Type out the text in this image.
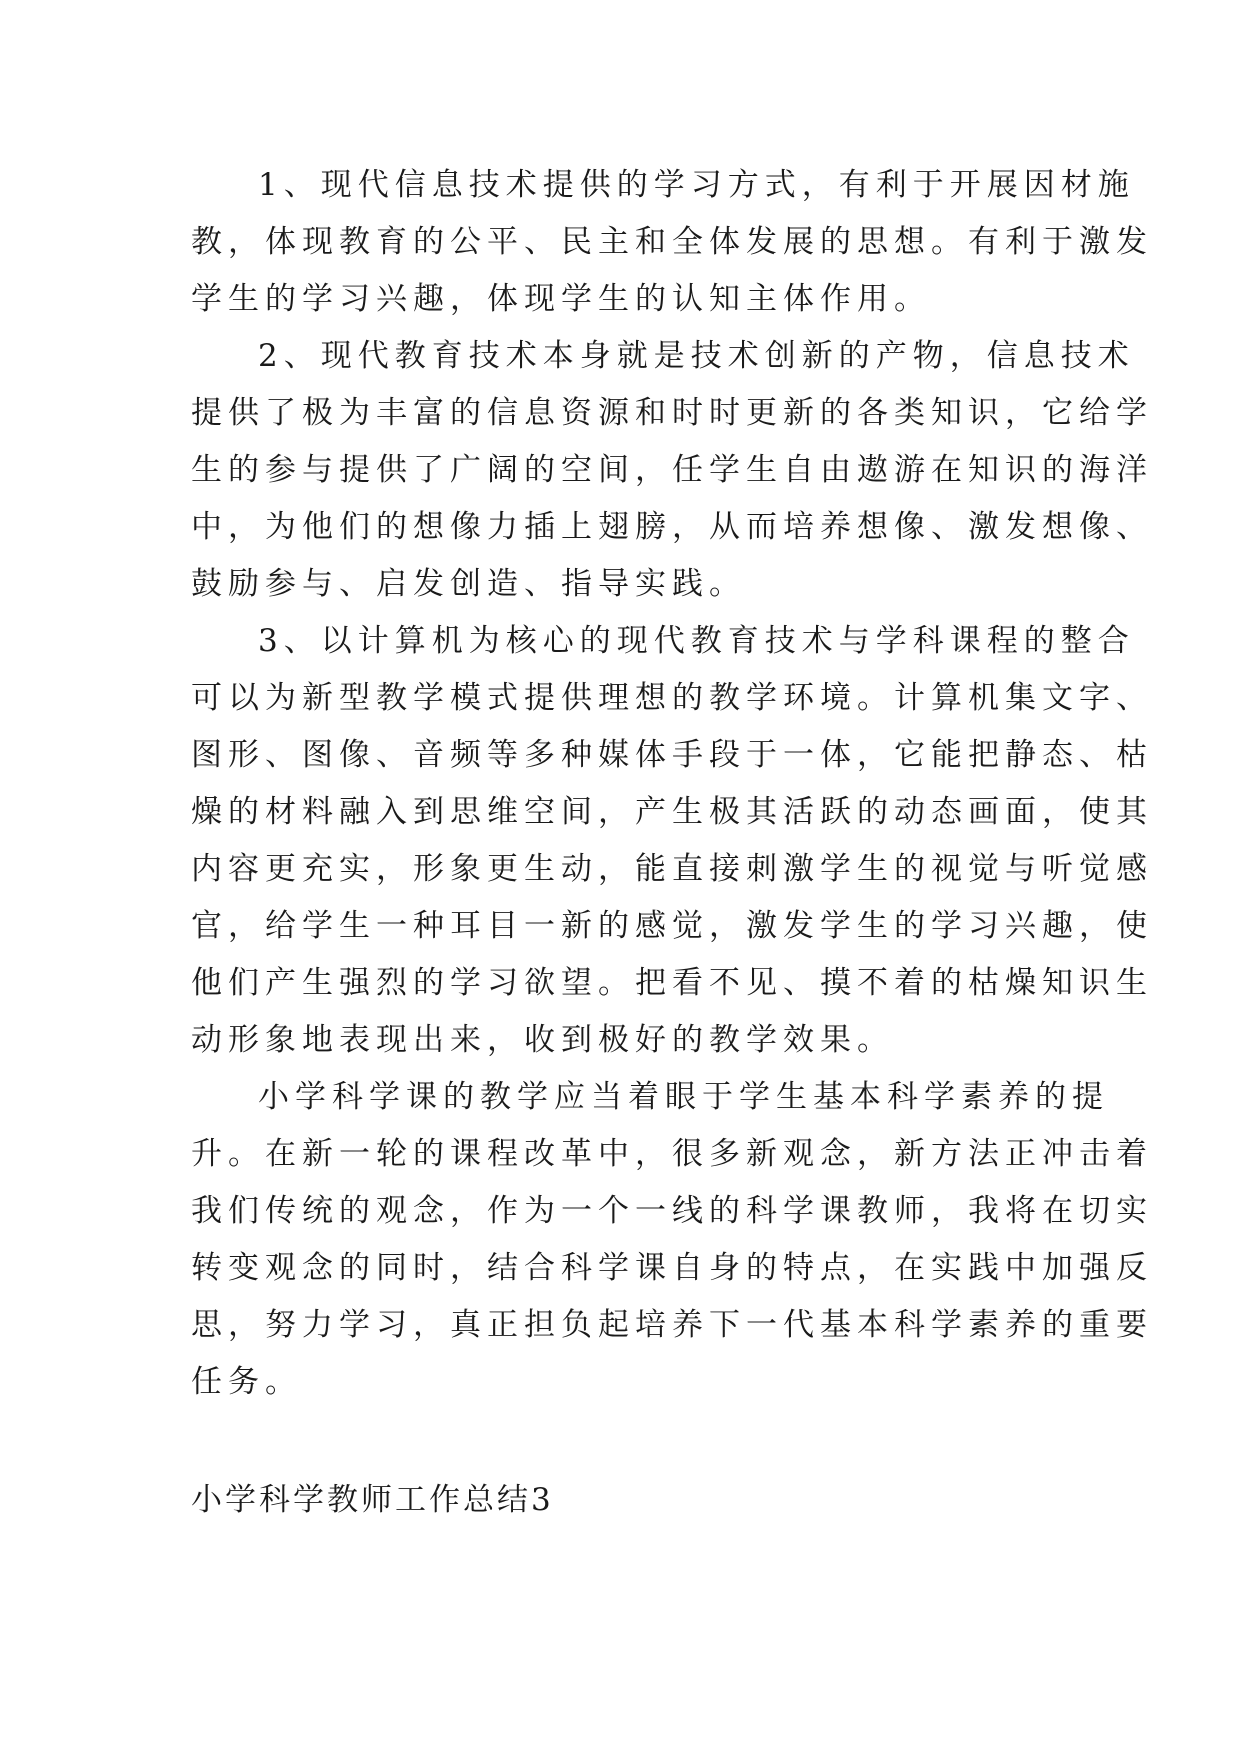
1、现代信息技术提供的学习方式，有利于开展因材施
教，体现教育的公平、民主和全体发展的思想。有利于激发
学生的学习兴趣，体现学生的认知主体作用。
2、现代教育技术本身就是技术创新的产物，信息技术
提供了极为丰富的信息资源和时时更新的各类知识，它给学
生的参与提供了广阔的空间，任学生自由遨游在知识的海洋
中，为他们的想像力插上翅膀，从而培养想像、激发想像、
鼓励参与、启发创造、指导实践。
3、以计算机为核心的现代教育技术与学科课程的整合
可以为新型教学模式提供理想的教学环境。计算机集文字、
图形、图像、音频等多种媒体手段于一体，它能把静态、枯
燥的材料融入到思维空间，产生极其活跃的动态画面，使其
内容更充实，形象更生动，能直接刺激学生的视觉与听觉感
官，给学生一种耳目一新的感觉，激发学生的学习兴趣，使
他们产生强烈的学习欲望。把看不见、摸不着的枯燥知识生
动形象地表现出来，收到极好的教学效果。
小学科学课的教学应当着眼于学生基本科学素养的提
升。在新一轮的课程改革中，很多新观念，新方法正冲击着
我们传统的观念，作为一个一线的科学课教师，我将在切实
转变观念的同时，结合科学课自身的特点，在实践中加强反
思，努力学习，真正担负起培养下一代基本科学素养的重要
任务。
小学科学教师工作总结3
